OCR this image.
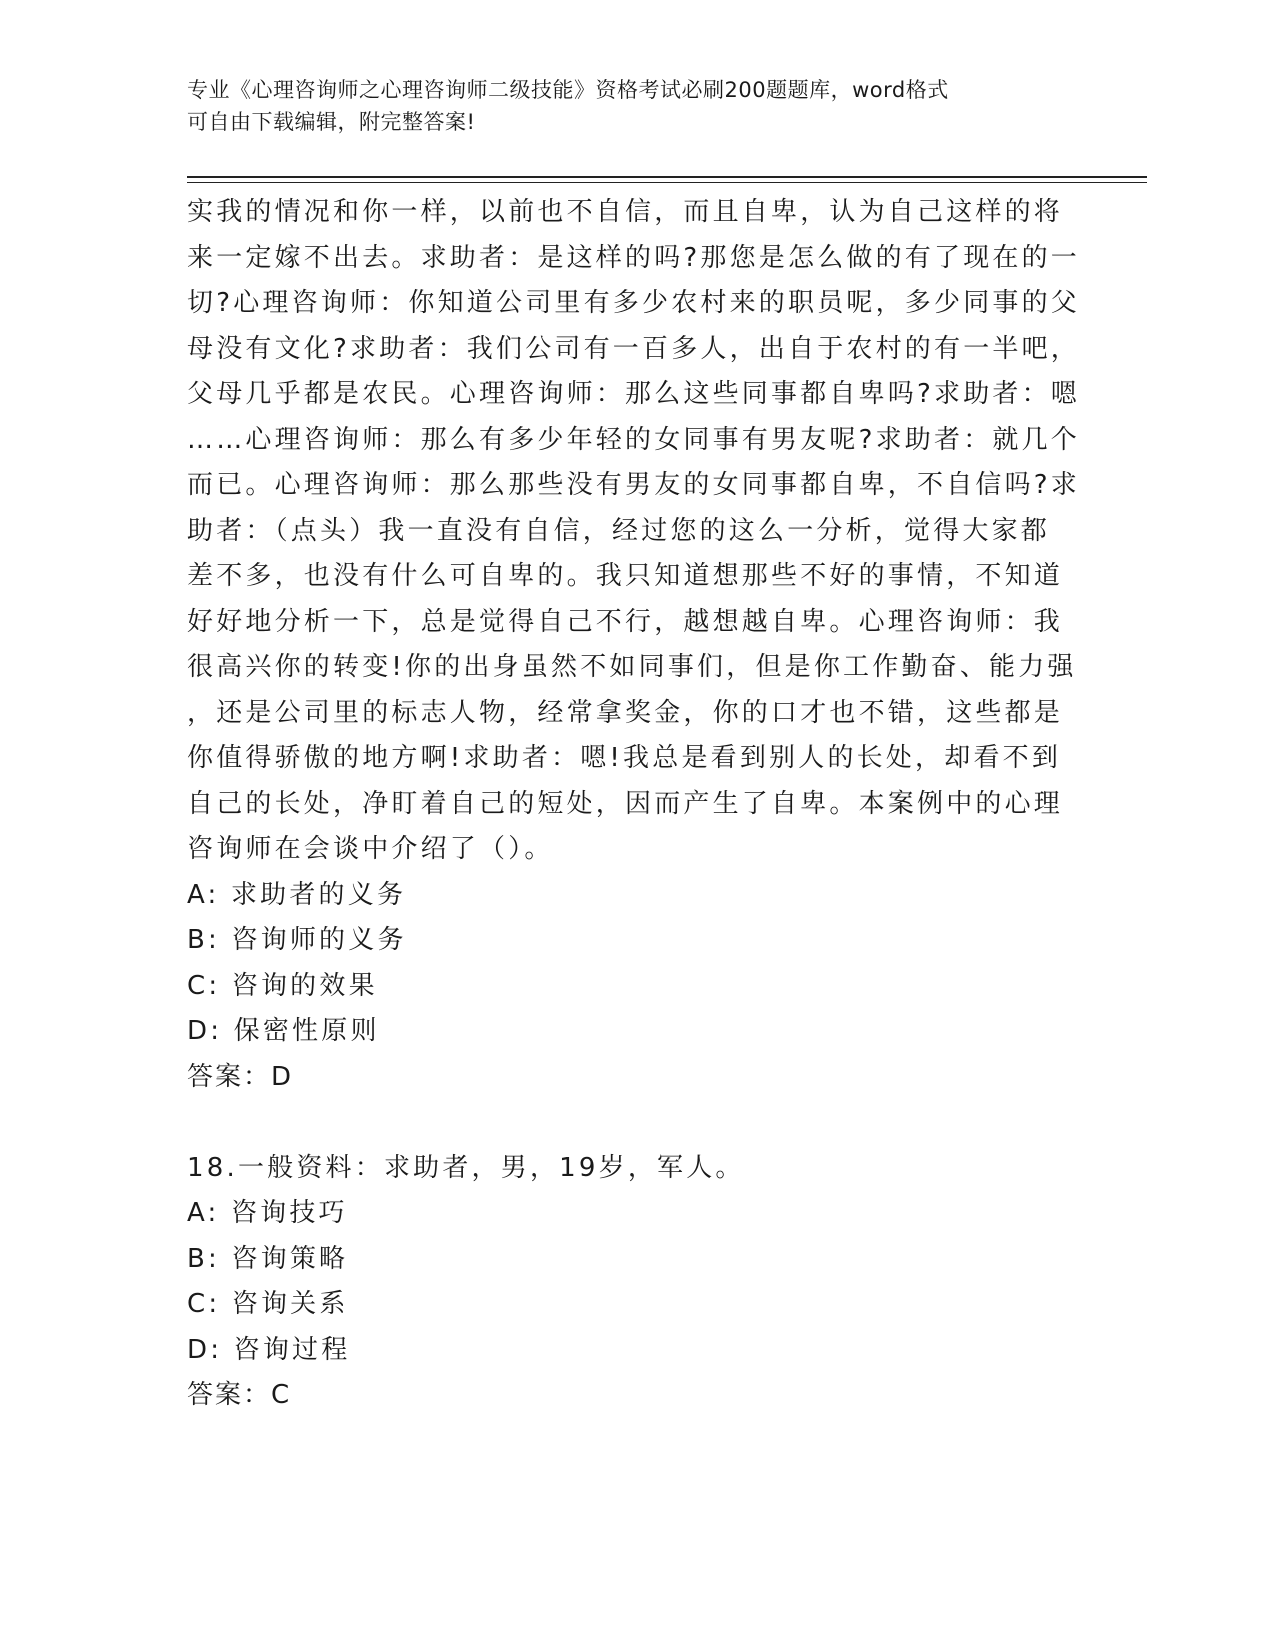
专业《心理咨询师之心理咨询师二级技能》资格考试必刷200题题库，word格式
可自由下载编辑，附完整答案!
实我的情况和你一样，以前也不自信，而且自卑，认为自己这样的将
来一定嫁不出去。求助者：是这样的吗?那您是怎么做的有了现在的一
切?心理咨询师：你知道公司里有多少农村来的职员呢，多少同事的父
母没有文化?求助者：我们公司有一百多人，出自于农村的有一半吧，
父母几乎都是农民。心理咨询师：那么这些同事都自卑吗?求助者：嗯
……心理咨询师：那么有多少年轻的女同事有男友呢?求助者：就几个
而已。心理咨询师：那么那些没有男友的女同事都自卑，不自信吗?求
助者：（点头）我一直没有自信，经过您的这么一分析，觉得大家都
差不多，也没有什么可自卑的。我只知道想那些不好的事情，不知道
好好地分析一下，总是觉得自己不行，越想越自卑。心理咨询师：我
很高兴你的转变!你的出身虽然不如同事们，但是你工作勤奋、能力强
，还是公司里的标志人物，经常拿奖金，你的口才也不错，这些都是
你值得骄傲的地方啊!求助者：嗯!我总是看到别人的长处，却看不到
自己的长处，净盯着自己的短处，因而产生了自卑。本案例中的心理
咨询师在会谈中介绍了（）。
A: 求助者的义务
B: 咨询师的义务
C: 咨询的效果
D: 保密性原则
答案：D
18.一般资料：求助者，男，19岁，军人。
A: 咨询技巧
B: 咨询策略
C: 咨询关系
D: 咨询过程
答案：C
